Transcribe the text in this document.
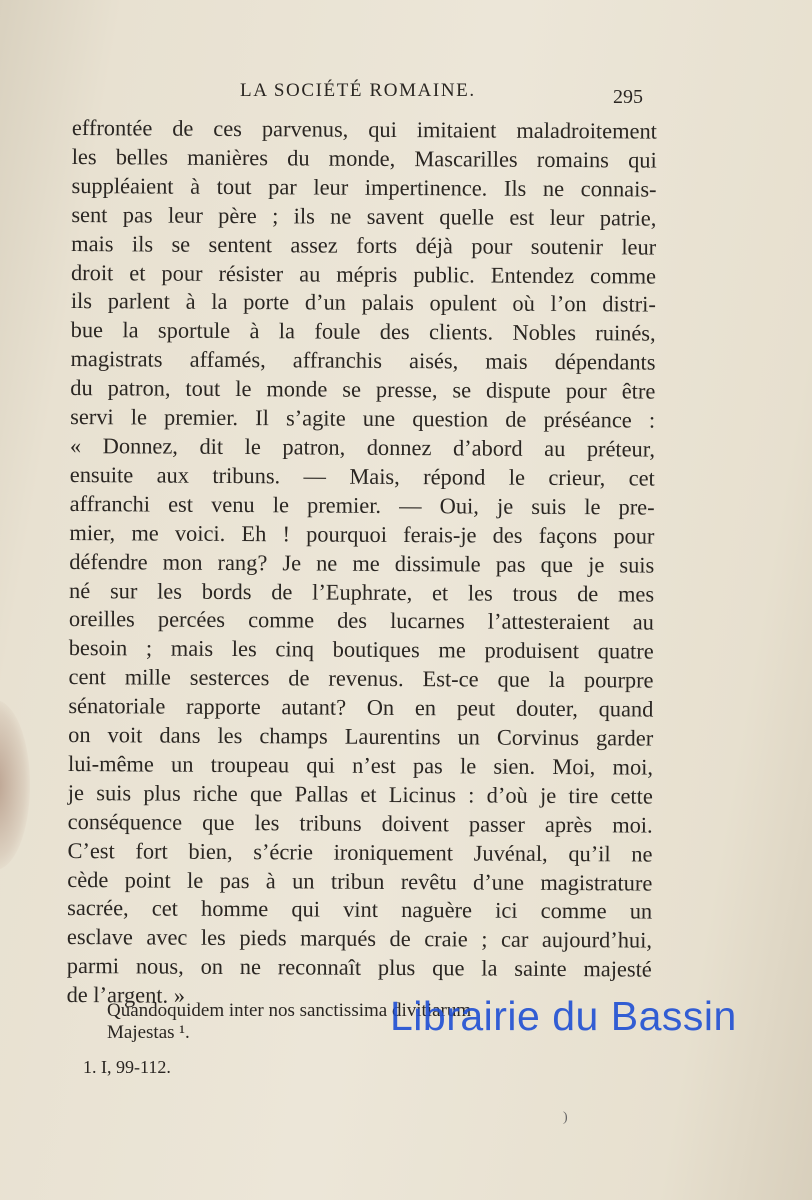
LA SOCIÉTÉ ROMAINE.	295
effrontée de ces parvenus, qui imitaient maladroitement
les belles manières du monde, Mascarilles romains qui
suppléaient à tout par leur impertinence. Ils ne connais-
sent pas leur père ; ils ne savent quelle est leur patrie,
mais ils se sentent assez forts déjà pour soutenir leur
droit et pour résister au mépris public. Entendez comme
ils parlent à la porte d’un palais opulent où l’on distri-
bue la sportule à la foule des clients. Nobles ruinés,
magistrats affamés, affranchis aisés, mais dépendants
du patron, tout le monde se presse, se dispute pour être
servi le premier. Il s’agite une question de préséance :
« Donnez, dit le patron, donnez d’abord au préteur,
ensuite aux tribuns. — Mais, répond le crieur, cet
affranchi est venu le premier. — Oui, je suis le pre-
mier, me voici. Eh ! pourquoi ferais-je des façons pour
défendre mon rang? Je ne me dissimule pas que je suis
né sur les bords de l’Euphrate, et les trous de mes
oreilles percées comme des lucarnes l’attesteraient au
besoin ; mais les cinq boutiques me produisent quatre
cent mille sesterces de revenus. Est-ce que la pourpre
sénatoriale rapporte autant? On en peut douter, quand
on voit dans les champs Laurentins un Corvinus garder
lui-même un troupeau qui n’est pas le sien. Moi, moi,
je suis plus riche que Pallas et Licinus : d’où je tire cette
conséquence que les tribuns doivent passer après moi.
C’est fort bien, s’écrie ironiquement Juvénal, qu’il ne
cède point le pas à un tribun revêtu d’une magistrature
sacrée, cet homme qui vint naguère ici comme un
esclave avec les pieds marqués de craie ; car aujourd’hui,
parmi nous, on ne reconnaît plus que la sainte majesté
de l’argent. »
Quandoquidem inter nos sanctissima divitiarum
Majestas ¹.
1. I, 99-112.
Librairie du Bassin
)
